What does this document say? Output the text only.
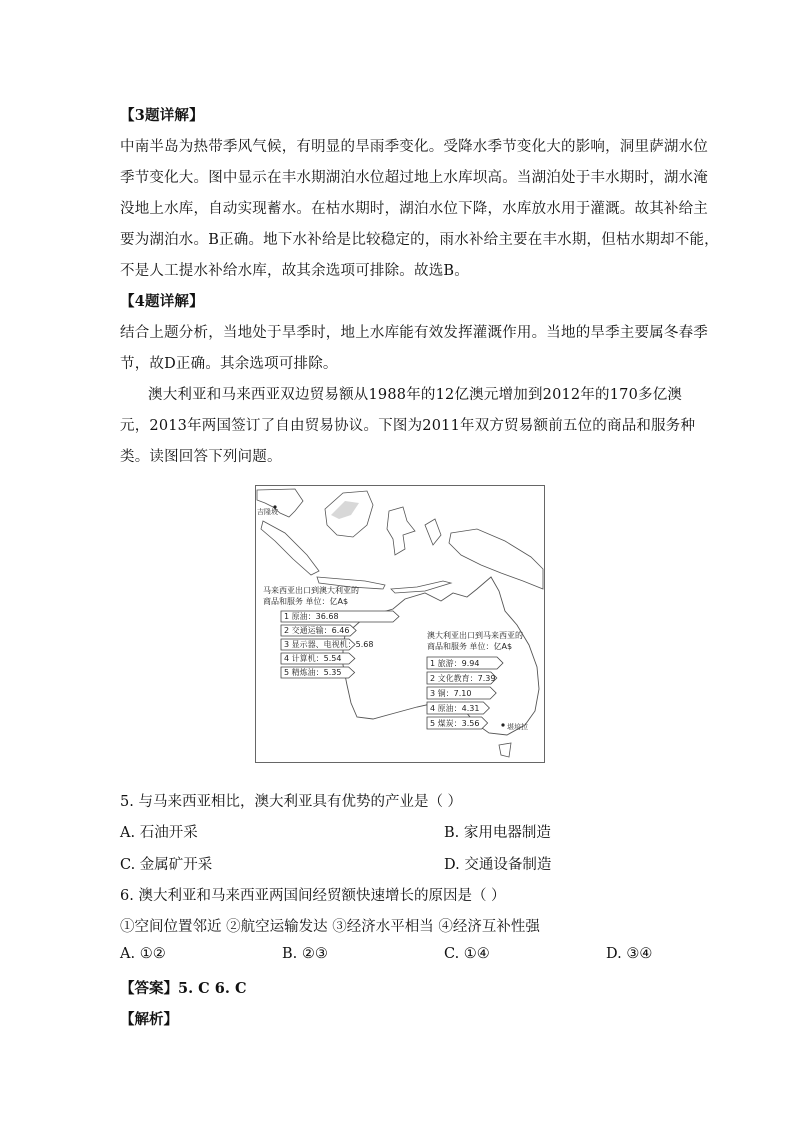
【3题详解】
中南半岛为热带季风气候，有明显的旱雨季变化。受降水季节变化大的影响，洞里萨湖水位
季节变化大。图中显示在丰水期湖泊水位超过地上水库坝高。当湖泊处于丰水期时，湖水淹
没地上水库，自动实现蓄水。在枯水期时，湖泊水位下降，水库放水用于灌溉。故其补给主
要为湖泊水。B正确。地下水补给是比较稳定的，雨水补给主要在丰水期，但枯水期却不能，
不是人工提水补给水库，故其余选项可排除。故选B。
【4题详解】
结合上题分析，当地处于旱季时，地上水库能有效发挥灌溉作用。当地的旱季主要属冬春季
节，故D正确。其余选项可排除。
澳大利亚和马来西亚双边贸易额从1988年的12亿澳元增加到2012年的170多亿澳
元，2013年两国签订了自由贸易协议。下图为2011年双方贸易额前五位的商品和服务种
类。读图回答下列问题。
吉隆坡
堪培拉
马来西亚出口到澳大利亚的
商品和服务 单位：亿A$
1 原油：36.68
2 交通运输：6.46
3 显示器、电视机：5.68
4 计算机：5.54
5 精炼油：5.35
澳大利亚出口到马来西亚的
商品和服务 单位：亿A$
1 旅游：9.94
2 文化教育：7.39
3 铜：7.10
4 原油：4.31
5 煤炭：3.56
5. 与马来西亚相比，澳大利亚具有优势的产业是（ ）
A. 石油开采	B. 家用电器制造
C. 金属矿开采	D. 交通设备制造
6. 澳大利亚和马来西亚两国间经贸额快速增长的原因是（ ）
①空间位置邻近 ②航空运输发达 ③经济水平相当 ④经济互补性强
A. ①②	B. ②③	C. ①④	D. ③④
【答案】5. C 6. C
【解析】
